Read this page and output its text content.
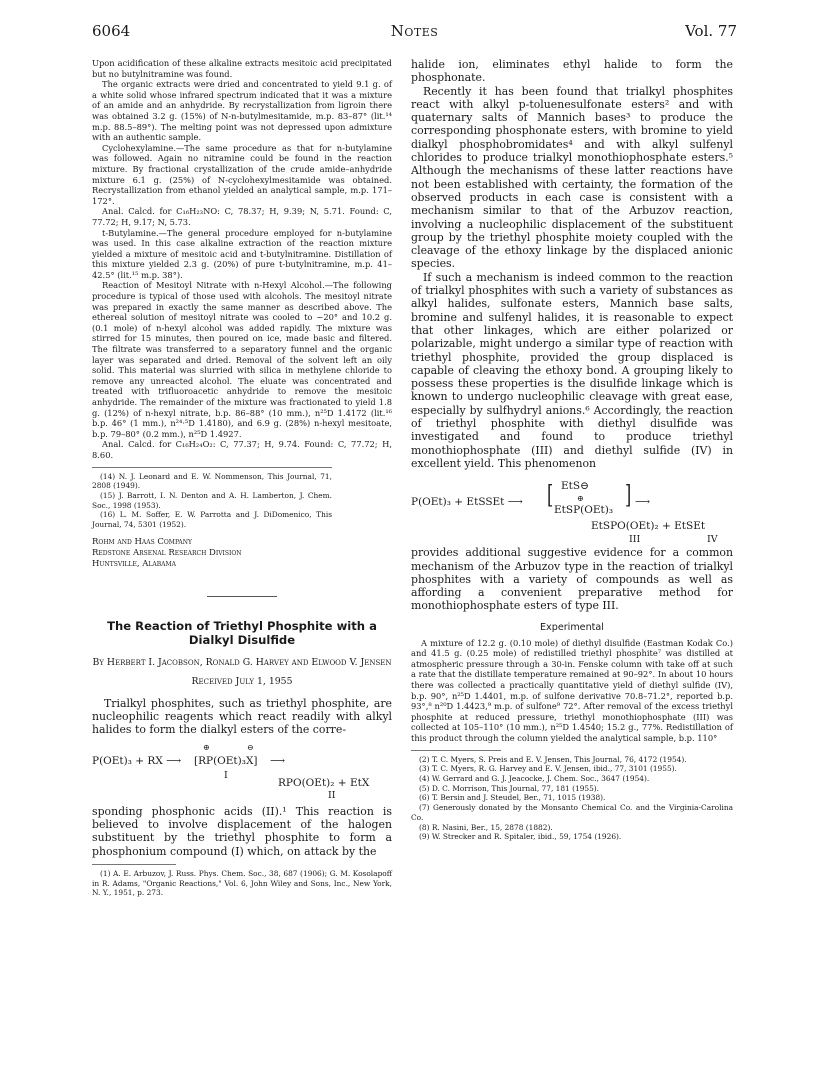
6064	Notes	Vol. 77

Upon acidification of these alkaline extracts mesitoic acid precipitated but no butylnitramine was found.

The organic extracts were dried and concentrated to yield 9.1 g. of a white solid whose infrared spectrum indicated that it was a mixture of an amide and an anhydride. By recrystallization from ligroin there was obtained 3.2 g. (15%) of N-n-butylmesitamide, m.p. 83–87° (lit.¹⁴ m.p. 88.5–89°). The melting point was not depressed upon admixture with an authentic sample.

Cyclohexylamine.—The same procedure as that for n-butylamine was followed. Again no nitramine could be found in the reaction mixture. By fractional crystallization of the crude amide–anhydride mixture 6.1 g. (25%) of N-cyclohexylmesitamide was obtained. Recrystallization from ethanol yielded an analytical sample, m.p. 171–172°.

Anal. Calcd. for C₁₆H₂₃NO: C, 78.37; H, 9.39; N, 5.71. Found: C, 77.72; H, 9.17; N, 5.73.

t-Butylamine.—The general procedure employed for n-butylamine was used. In this case alkaline extraction of the reaction mixture yielded a mixture of mesitoic acid and t-butylnitramine. Distillation of this mixture yielded 2.3 g. (20%) of pure t-butylnitramine, m.p. 41–42.5° (lit.¹⁵ m.p. 38°).

Reaction of Mesitoyl Nitrate with n-Hexyl Alcohol.—The following procedure is typical of those used with alcohols. The mesitoyl nitrate was prepared in exactly the same manner as described above. The ethereal solution of mesitoyl nitrate was cooled to −20° and 10.2 g. (0.1 mole) of n-hexyl alcohol was added rapidly. The mixture was stirred for 15 minutes, then poured on ice, made basic and filtered. The filtrate was transferred to a separatory funnel and the organic layer was separated and dried. Removal of the solvent left an oily solid. This material was slurried with silica in methylene chloride to remove any unreacted alcohol. The eluate was concentrated and treated with trifluoroacetic anhydride to remove the mesitoic anhydride. The remainder of the mixture was fractionated to yield 1.8 g. (12%) of n-hexyl nitrate, b.p. 86–88° (10 mm.), n²⁵D 1.4172 (lit.¹⁶ b.p. 46° (1 mm.), n²⁴·⁵D 1.4180), and 6.9 g. (28%) n-hexyl mesitoate, b.p. 79–80° (0.2 mm.), n²⁵D 1.4927.

Anal. Calcd. for C₁₆H₂₄O₂: C, 77.37; H, 9.74. Found: C, 77.72; H, 8.60.

(14) N. J. Leonard and E. W. Nommenson, This Journal, 71, 2808 (1949).

(15) J. Barrott, I. N. Denton and A. H. Lamberton, J. Chem. Soc., 1998 (1953).

(16) L. M. Soffer, E. W. Parrotta and J. DiDomenico, This Journal, 74, 5301 (1952).

Rohm and Haas Company
Redstone Arsenal Research Division
Huntsville, Alabama
The Reaction of Triethyl Phosphite with a Dialkyl Disulfide
By Herbert I. Jacobson, Ronald G. Harvey and Elwood V. Jensen
Received July 1, 1955

Trialkyl phosphites, such as triethyl phosphite, are nucleophilic reagents which react readily with alkyl halides to form the dialkyl esters of the corre-

P(OEt)₃ + RX ⟶
⊕	⊖
[RP(OEt)₃X] ⟶
I
RPO(OEt)₂ + EtX
II

sponding phosphonic acids (II).¹ This reaction is believed to involve displacement of the halogen substituent by the triethyl phosphite to form a phosphonium compound (I) which, on attack by the

(1) A. E. Arbuzov, J. Russ. Phys. Chem. Soc., 38, 687 (1906); G. M. Kosolapoff in R. Adams, "Organic Reactions," Vol. 6, John Wiley and Sons, Inc., New York, N. Y., 1951, p. 273.

halide ion, eliminates ethyl halide to form the phosphonate.

Recently it has been found that trialkyl phosphites react with alkyl p-toluenesulfonate esters² and with quaternary salts of Mannich bases³ to produce the corresponding phosphonate esters, with bromine to yield dialkyl phosphobromidates⁴ and with alkyl sulfenyl chlorides to produce trialkyl monothiophosphate esters.⁵ Although the mechanisms of these latter reactions have not been established with certainty, the formation of the observed products in each case is consistent with a mechanism similar to that of the Arbuzov reaction, involving a nucleophilic displacement of the substituent group by the triethyl phosphite moiety coupled with the cleavage of the ethoxy linkage by the displaced anionic species.

If such a mechanism is indeed common to the reaction of trialkyl phosphites with such a variety of substances as alkyl halides, sulfonate esters, Mannich base salts, bromine and sulfenyl halides, it is reasonable to expect that other linkages, which are either polarized or polarizable, might undergo a similar type of reaction with triethyl phosphite, provided the group displaced is capable of cleaving the ethoxy bond. A grouping likely to possess these properties is the disulfide linkage which is known to undergo nucleophilic cleavage with great ease, especially by sulfhydryl anions.⁶ Accordingly, the reaction of triethyl phosphite with diethyl disulfide was investigated and found to produce triethyl monothiophosphate (III) and diethyl sulfide (IV) in excellent yield. This phenomenon

P(OEt)₃ + EtSSEt ⟶ [ EtS⊖
⊕
EtSP(OEt)₃
] ⟶
EtSPO(OEt)₂ + EtSEt
III	IV

provides additional suggestive evidence for a common mechanism of the Arbuzov type in the reaction of trialkyl phosphites with a variety of compounds as well as affording a convenient preparative method for monothiophosphate esters of type III.

Experimental

A mixture of 12.2 g. (0.10 mole) of diethyl disulfide (Eastman Kodak Co.) and 41.5 g. (0.25 mole) of redistilled triethyl phosphite⁷ was distilled at atmospheric pressure through a 30-in. Fenske column with take off at such a rate that the distillate temperature remained at 90–92°. In about 10 hours there was collected a practically quantitative yield of diethyl sulfide (IV), b.p. 90°, n²⁵D 1.4401, m.p. of sulfone derivative 70.8–71.2°, reported b.p. 93°,⁸ n²⁰D 1.4423,⁹ m.p. of sulfone⁹ 72°. After removal of the excess triethyl phosphite at reduced pressure, triethyl monothiophosphate (III) was collected at 105–110° (10 mm.), n²⁵D 1.4540; 15.2 g., 77%. Redistillation of this product through the column yielded the analytical sample, b.p. 110°

(2) T. C. Myers, S. Preis and E. V. Jensen, This Journal, 76, 4172 (1954).

(3) T. C. Myers, R. G. Harvey and E. V. Jensen, ibid., 77, 3101 (1955).

(4) W. Gerrard and G. J. Jeacocke, J. Chem. Soc., 3647 (1954).

(5) D. C. Morrison, This Journal, 77, 181 (1955).

(6) T. Bersin and J. Steudel, Ber., 71, 1015 (1938).

(7) Generously donated by the Monsanto Chemical Co. and the Virginia-Carolina Co.

(8) R. Nasini, Ber., 15, 2878 (1882).

(9) W. Strecker and R. Spitaler, ibid., 59, 1754 (1926).
